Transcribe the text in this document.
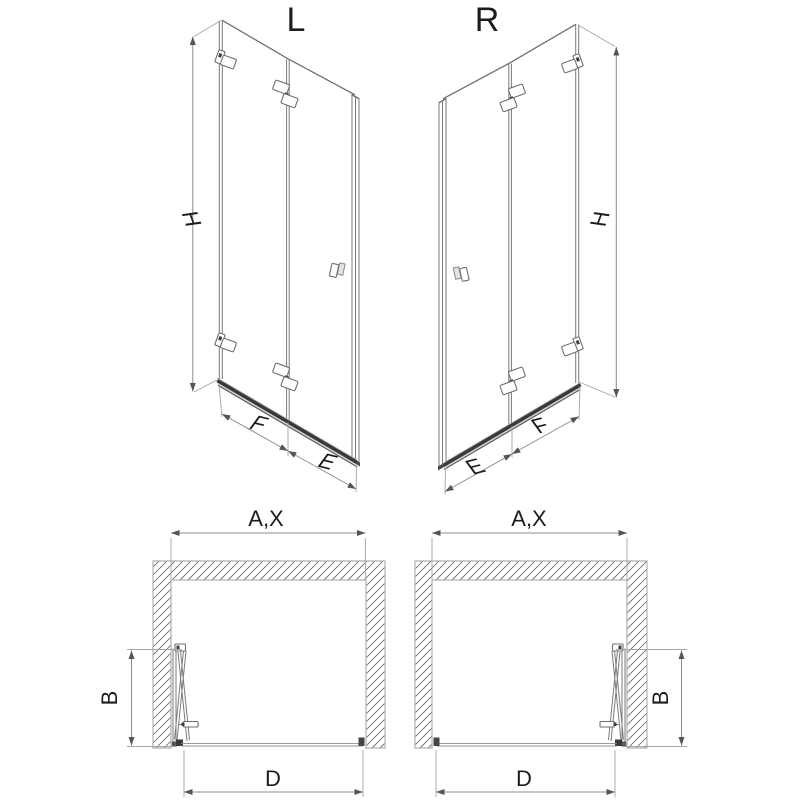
L
H
F
E
R
H
E
F
A,X
B
D
A,X
B
D
